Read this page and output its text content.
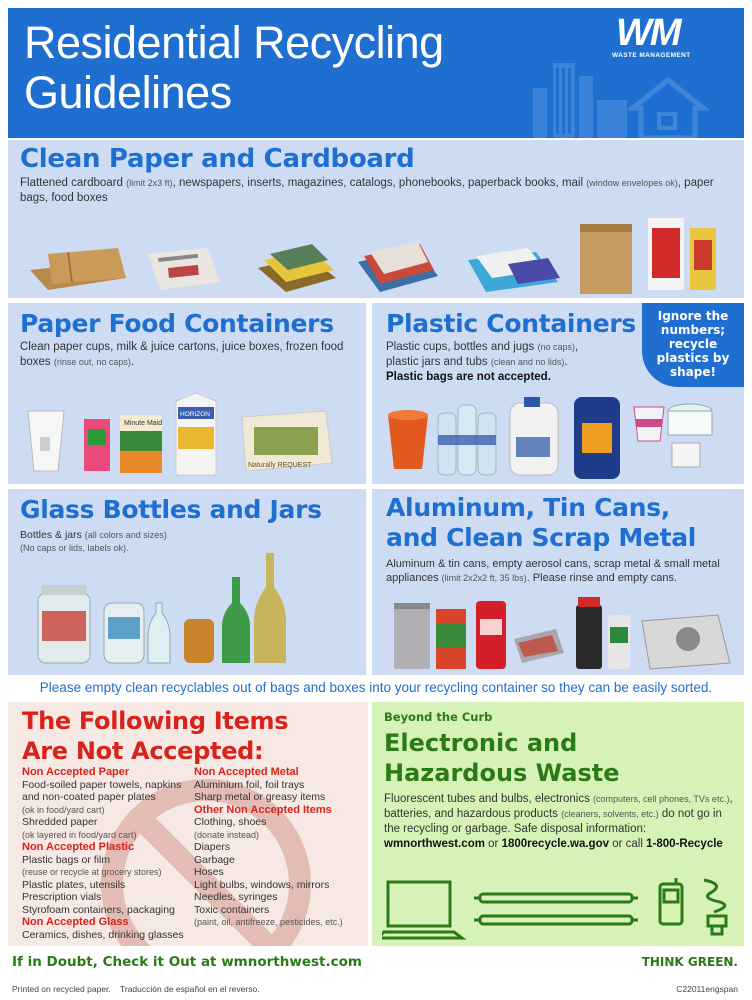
Residential Recycling
Guidelines
WM
WASTE MANAGEMENT
Clean Paper and Cardboard

Flattened cardboard (limit 2x3 ft), newspapers, inserts, magazines, catalogs, phonebooks, paperback books, mail (window envelopes ok), paper bags, food boxes

Paper Food Containers

Clean paper cups, milk & juice cartons, juice boxes, frozen food boxes (rinse out, no caps).

Minute Maid
HORIZON
Naturally REQUEST
Plastic Containers

Plastic cups, bottles and jugs (no caps),
plastic jars and tubs (clean and no lids).
Plastic bags are not accepted.

Ignore the
numbers;
recycle
plastics by
shape!
Glass Bottles and Jars

Bottles & jars (all colors and sizes)
(No caps or lids, labels ok).

Aluminum, Tin Cans,
and Clean Scrap Metal

Aluminum & tin cans, empty aerosol cans, scrap metal & small metal appliances (limit 2x2x2 ft, 35 lbs). Please rinse and empty cans.

Please empty clean recyclables out of bags and boxes into your recycling container so they can be easily sorted.
The Following Items
Are Not Accepted:
Non Accepted Paper
Food-soiled paper towels, napkins
and non-coated paper plates
(ok in food/yard cart)
Shredded paper
(ok layered in food/yard cart)
Non Accepted Plastic
Plastic bags or film
(reuse or recycle at grocery stores)
Plastic plates, utensils
Prescription vials
Styrofoam containers, packaging
Non Accepted Glass
Ceramics, dishes, drinking glasses
Non Accepted Metal
Aluminium foil, foil trays
Sharp metal or greasy items
Other Non Accepted Items
Clothing, shoes
(donate instead)
Diapers
Garbage
Hoses
Light bulbs, windows, mirrors
Needles, syringes
Toxic containers
(paint, oil, antifreeze, pesticides, etc.)
Beyond the Curb
Electronic and
Hazardous Waste

Fluorescent tubes and bulbs, electronics (computers, cell phones, TVs etc.), batteries, and hazardous products (cleaners, solvents, etc.) do not go in the recycling or garbage. Safe disposal information: wmnorthwest.com or 1800recycle.wa.gov or call 1-800-Recycle

If in Doubt, Check it Out at wmnorthwest.com	THINK GREEN.
Printed on recycled paper. Traducción de español en el reverso.	C22011engspan
